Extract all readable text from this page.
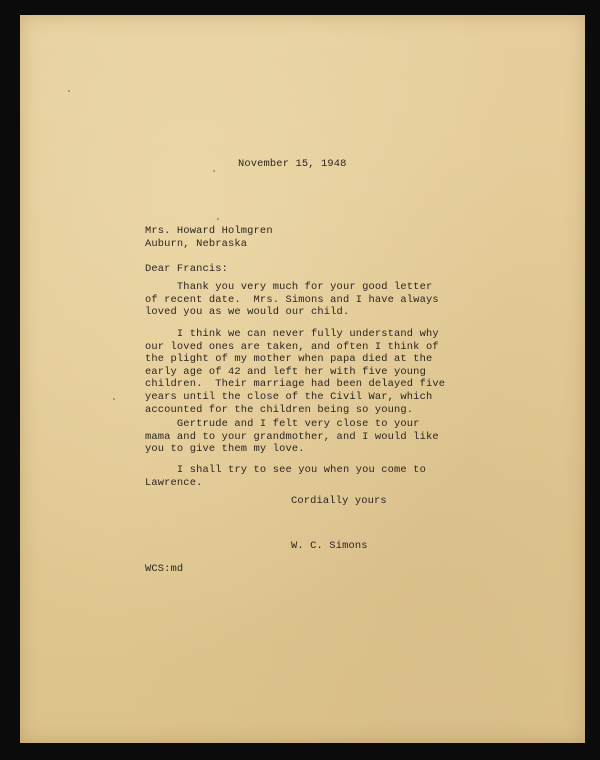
November 15, 1948
Mrs. Howard Holmgren
Auburn, Nebraska
Dear Francis:
Thank you very much for your good letter
of recent date.  Mrs. Simons and I have always
loved you as we would our child.
I think we can never fully understand why
our loved ones are taken, and often I think of
the plight of my mother when papa died at the
early age of 42 and left her with five young
children.  Their marriage had been delayed five
years until the close of the Civil War, which
accounted for the children being so young.
Gertrude and I felt very close to your
mama and to your grandmother, and I would like
you to give them my love.
I shall try to see you when you come to
Lawrence.
Cordially yours
W. C. Simons
WCS:md
